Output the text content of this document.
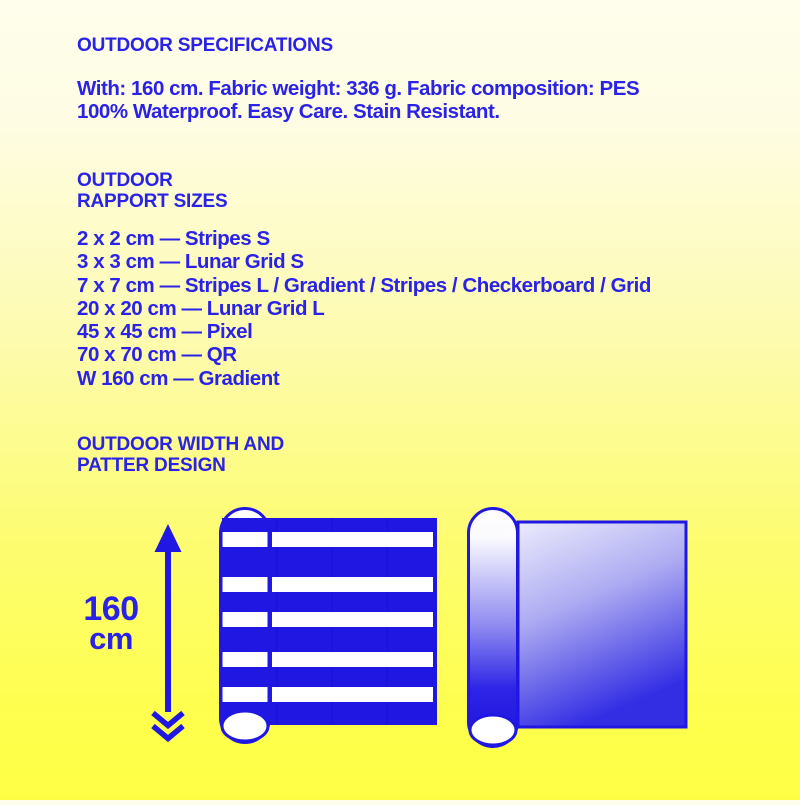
OUTDOOR SPECIFICATIONS
With: 160 cm. Fabric weight: 336 g. Fabric composition: PES
100% Waterproof. Easy Care. Stain Resistant.
OUTDOOR
RAPPORT SIZES
2 x 2 cm — Stripes S
3 x 3 cm — Lunar Grid S
7 x 7 cm — Stripes L / Gradient / Stripes / Checkerboard / Grid
20 x 20 cm — Lunar Grid L
45 x 45 cm — Pixel
70 x 70 cm — QR
W 160 cm — Gradient
OUTDOOR WIDTH AND
PATTER DESIGN
160
cm
